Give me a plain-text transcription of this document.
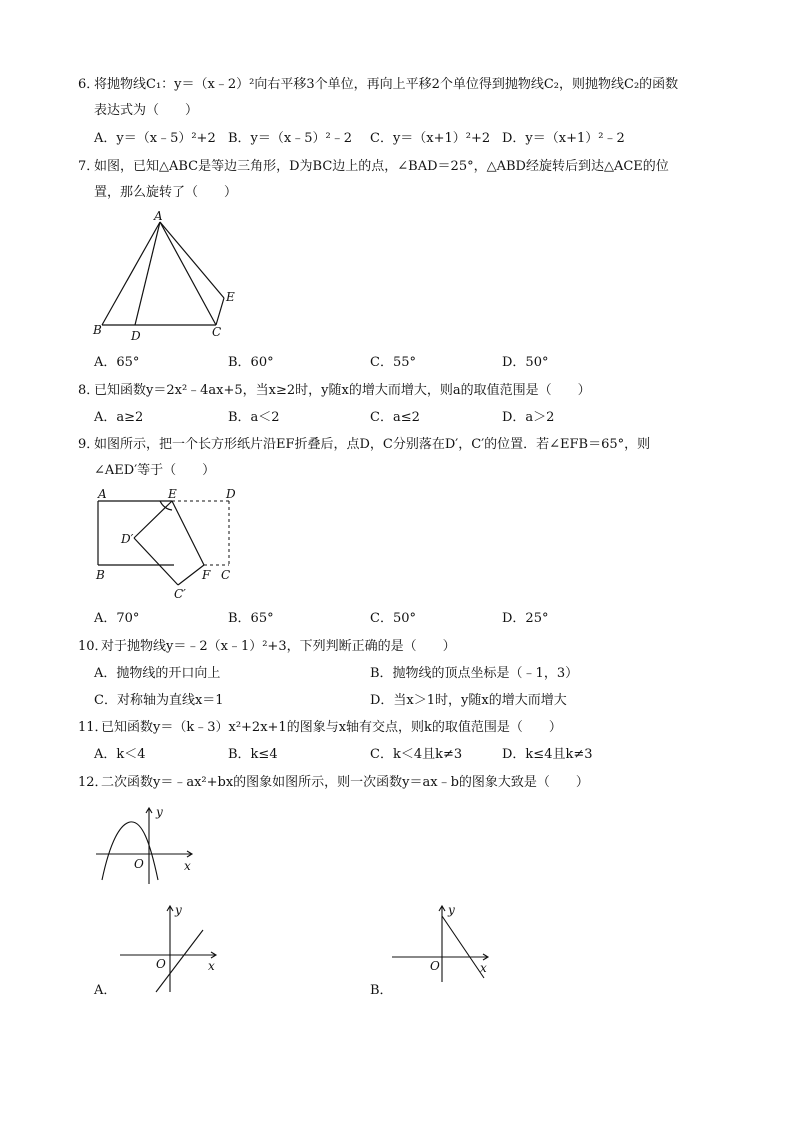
6．
将抛物线C₁：y＝（x﹣2）²向右平移3个单位，再向上平移2个单位得到抛物线C₂，则抛物线C₂的函数
表达式为（　　）
A．y＝（x﹣5）²+2 B．y＝（x﹣5）²﹣2 C．y＝（x+1）²+2 D．y＝（x+1）²﹣2
7．
如图，已知△ABC是等边三角形，D为BC边上的点，∠BAD＝25°，△ABD经旋转后到达△ACE的位
置，那么旋转了（　　）
A
B D	C
E
A．65°	B．60°	C．55°	D．50°
8．
已知函数y＝2x²﹣4ax+5，当x≥2时，y随x的增大而增大，则a的取值范围是（　　）
A．a≥2	B．a＜2	C．a≤2	D．a＞2
9．
如图所示，把一个长方形纸片沿EF折叠后，点D，C分别落在D′，C′的位置．若∠EFB＝65°，则
∠AED′等于（　　）
A	E	D
D′
B	F C
C′
A．70°	B．65°	C．50°	D．25°
10．
对于抛物线y＝﹣2（x﹣1）²+3，下列判断正确的是（　　）
A．抛物线的开口向上	B．抛物线的顶点坐标是（﹣1，3）
C．对称轴为直线x＝1	D．当x＞1时，y随x的增大而增大
11．
已知函数y＝（k﹣3）x²+2x+1的图象与x轴有交点，则k的取值范围是（　　）
A．k＜4	B．k≤4	C．k＜4且k≠3	D．k≤4且k≠3
12．
二次函数y＝﹣ax²+bx的图象如图所示，则一次函数y＝ax﹣b的图象大致是（　　）
y
O	x
y
O	x
A．
y
O	x
B．
